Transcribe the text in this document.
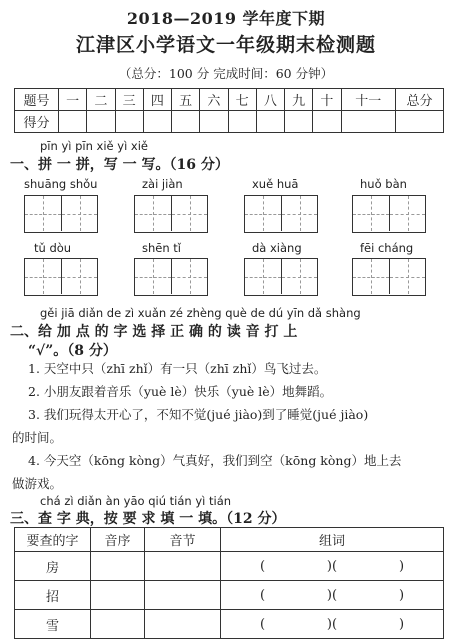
2018—2019 学年度下期
江津区小学语文一年级期末检测题
（总分：100 分 完成时间：60 分钟）
题号	一	二	三	四	五	六	七	八	九	十	十一	总分
得分												
pīn yì pīn xiě yì xiě
一、拼 一 拼，写 一 写。（16 分）
shuāng shǒu	zài jiàn	xuě huā	huǒ bàn
tǔ dòu	shēn tǐ	dà xiàng	fēi cháng
gěi jiā diǎn de zì xuǎn zé zhèng què de dú yīn dǎ shàng
二、给 加 点 的 字 选 择 正 确 的 读 音 打 上
“√”。（8 分）
1. 天空中只（zhī zhǐ）有一只（zhī zhǐ）鸟飞过去。
2. 小朋友跟着音乐（yuè lè）快乐（yuè lè）地舞蹈。
3. 我们玩得太开心了，不知不觉(jué jiào)到了睡觉(jué jiào)
的时间。
4. 今天空（kōng kòng）气真好，我们到空（kōng kòng）地上去
做游戏。
chá zì diǎn àn yāo qiú tián yì tián
三、查 字 典，按 要 求 填 一 填。（12 分）
要查的字	音序	音节	组词
房			( )( )

招			( )( )

雪			( )( )
